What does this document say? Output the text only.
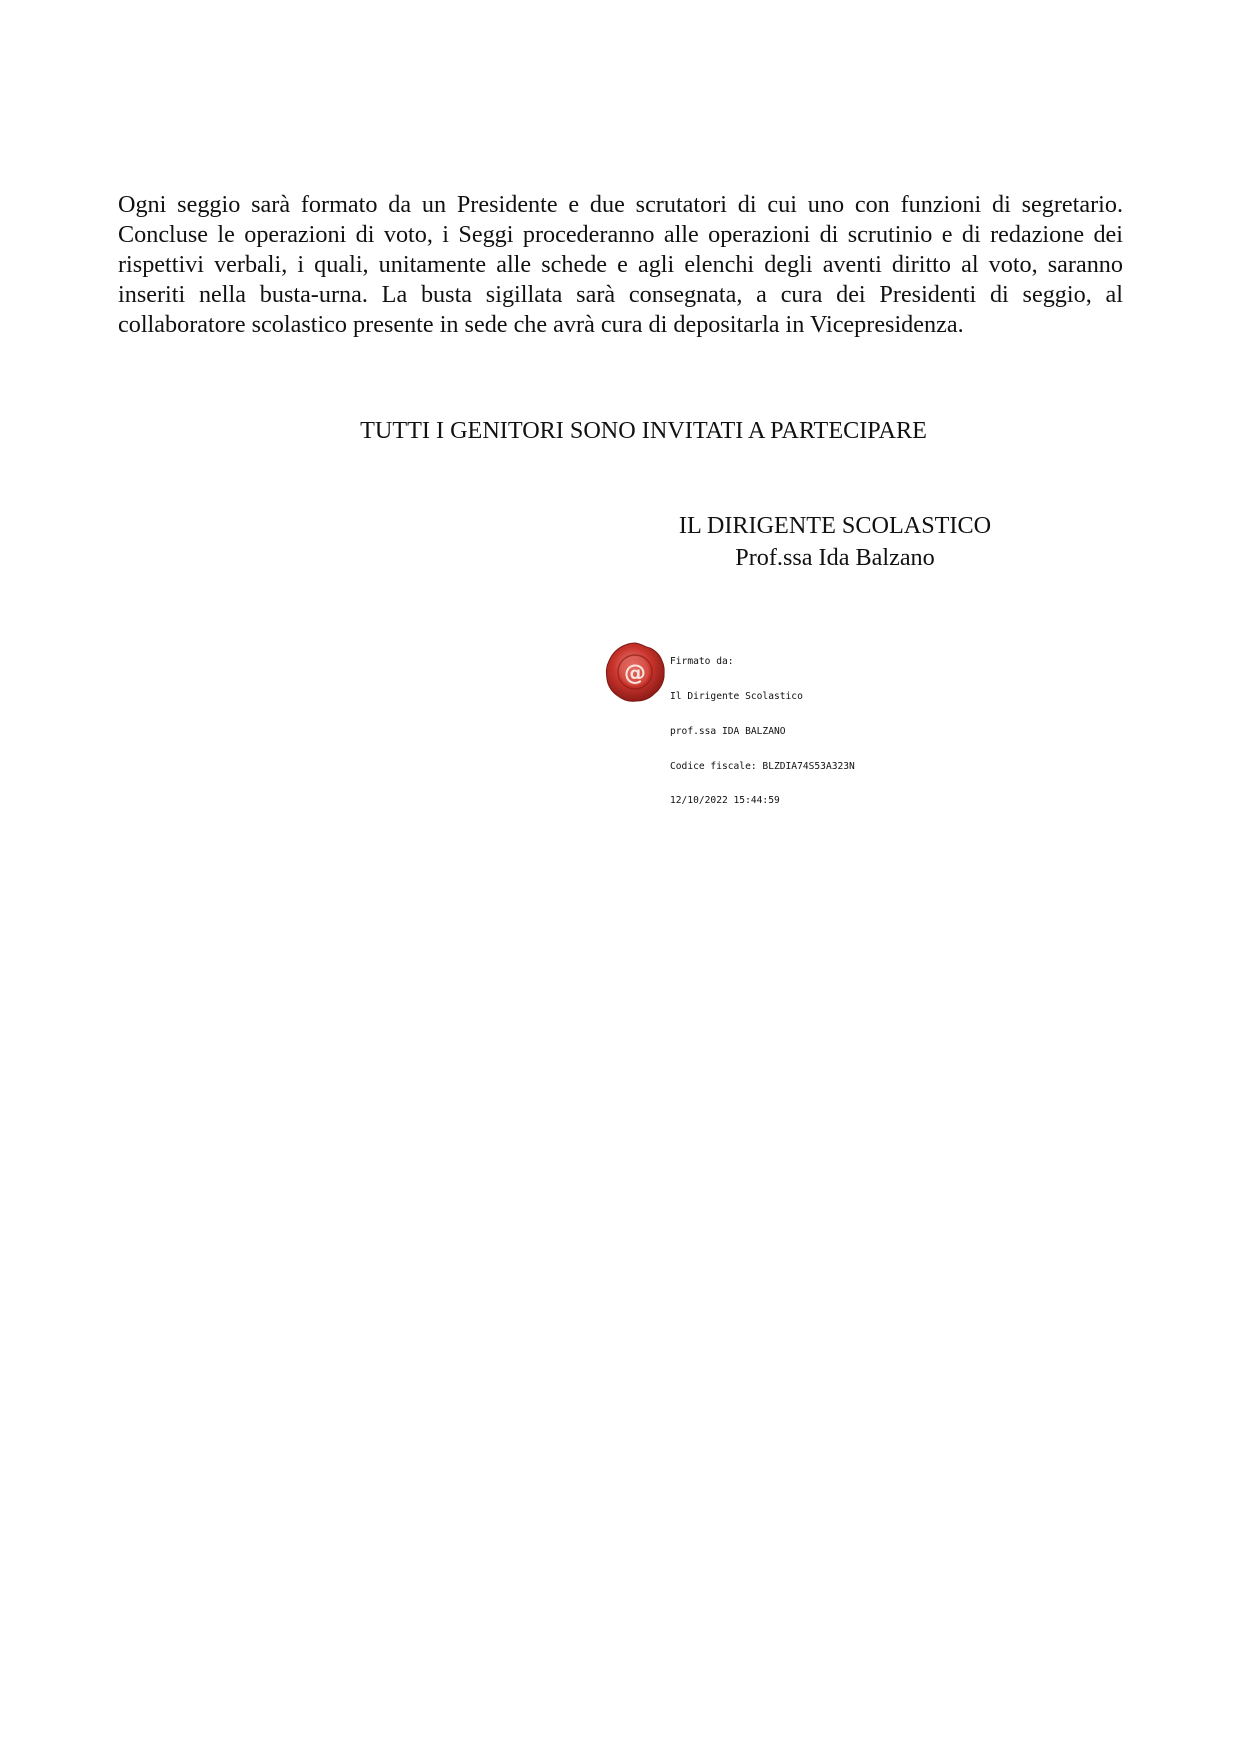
Ogni seggio sarà formato da un Presidente e due scrutatori di cui uno con funzioni di segretario. Concluse le operazioni di voto, i Seggi procederanno alle operazioni di scrutinio e di redazione dei rispettivi verbali, i quali, unitamente alle schede e agli elenchi degli aventi diritto al voto, saranno inseriti nella busta-urna. La busta sigillata sarà consegnata, a cura dei Presidenti di seggio, al collaboratore scolastico presente in sede che avrà cura di depositarla in Vicepresidenza.

TUTTI I GENITORI SONO INVITATI A PARTECIPARE

IL DIRIGENTE SCOLASTICO
Prof.ssa Ida Balzano
@

	Firmato da:

Il Dirigente Scolastico

prof.ssa IDA BALZANO

Codice fiscale: BLZDIA74S53A323N

12/10/2022 15:44:59
